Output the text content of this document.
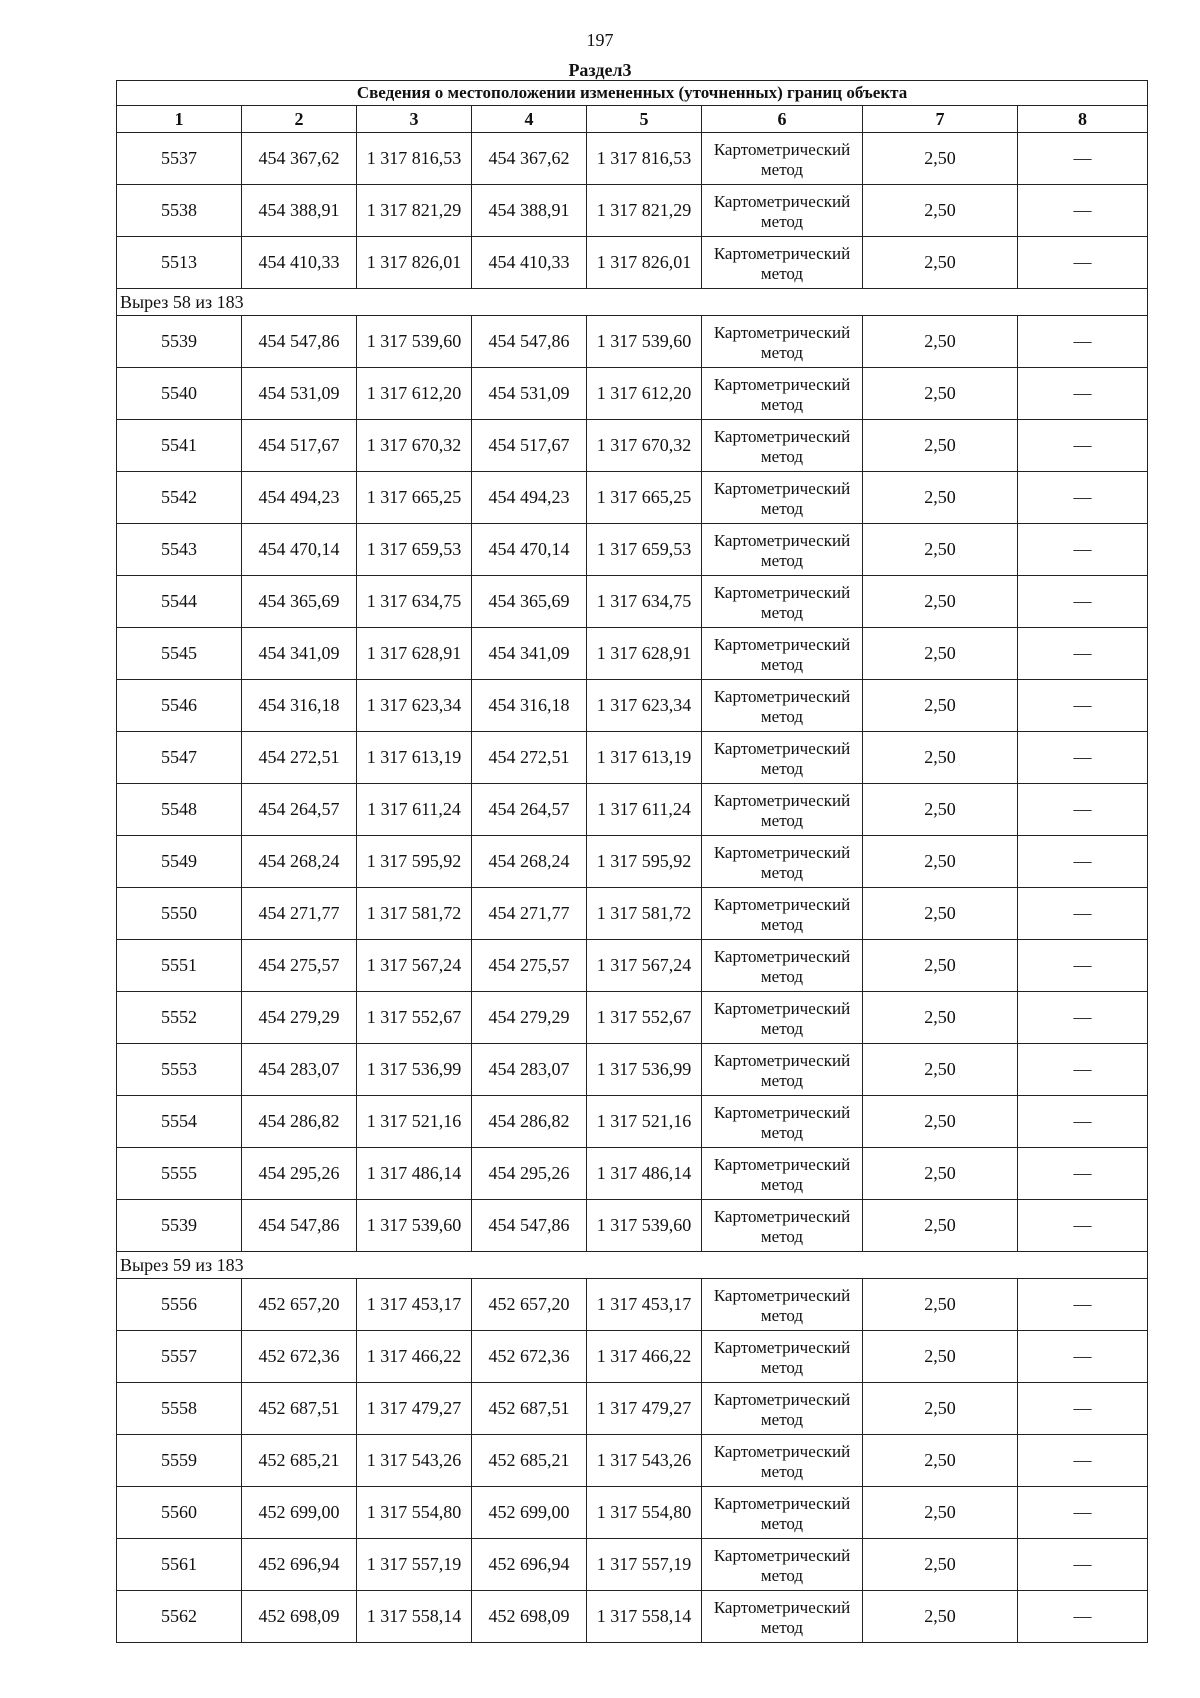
197
Раздел3
Сведения о местоположении измененных (уточненных) границ объекта							
1	2	3	4	5	6	7	8
5537	454 367,62	1 317 816,53	454 367,62	1 317 816,53	Картометрический метод	2,50	—
5538	454 388,91	1 317 821,29	454 388,91	1 317 821,29	Картометрический метод	2,50	—
5513	454 410,33	1 317 826,01	454 410,33	1 317 826,01	Картометрический метод	2,50	—
Вырез 58 из 183							
5539	454 547,86	1 317 539,60	454 547,86	1 317 539,60	Картометрический метод	2,50	—
5540	454 531,09	1 317 612,20	454 531,09	1 317 612,20	Картометрический метод	2,50	—
5541	454 517,67	1 317 670,32	454 517,67	1 317 670,32	Картометрический метод	2,50	—
5542	454 494,23	1 317 665,25	454 494,23	1 317 665,25	Картометрический метод	2,50	—
5543	454 470,14	1 317 659,53	454 470,14	1 317 659,53	Картометрический метод	2,50	—
5544	454 365,69	1 317 634,75	454 365,69	1 317 634,75	Картометрический метод	2,50	—
5545	454 341,09	1 317 628,91	454 341,09	1 317 628,91	Картометрический метод	2,50	—
5546	454 316,18	1 317 623,34	454 316,18	1 317 623,34	Картометрический метод	2,50	—
5547	454 272,51	1 317 613,19	454 272,51	1 317 613,19	Картометрический метод	2,50	—
5548	454 264,57	1 317 611,24	454 264,57	1 317 611,24	Картометрический метод	2,50	—
5549	454 268,24	1 317 595,92	454 268,24	1 317 595,92	Картометрический метод	2,50	—
5550	454 271,77	1 317 581,72	454 271,77	1 317 581,72	Картометрический метод	2,50	—
5551	454 275,57	1 317 567,24	454 275,57	1 317 567,24	Картометрический метод	2,50	—
5552	454 279,29	1 317 552,67	454 279,29	1 317 552,67	Картометрический метод	2,50	—
5553	454 283,07	1 317 536,99	454 283,07	1 317 536,99	Картометрический метод	2,50	—
5554	454 286,82	1 317 521,16	454 286,82	1 317 521,16	Картометрический метод	2,50	—
5555	454 295,26	1 317 486,14	454 295,26	1 317 486,14	Картометрический метод	2,50	—
5539	454 547,86	1 317 539,60	454 547,86	1 317 539,60	Картометрический метод	2,50	—
Вырез 59 из 183							
5556	452 657,20	1 317 453,17	452 657,20	1 317 453,17	Картометрический метод	2,50	—
5557	452 672,36	1 317 466,22	452 672,36	1 317 466,22	Картометрический метод	2,50	—
5558	452 687,51	1 317 479,27	452 687,51	1 317 479,27	Картометрический метод	2,50	—
5559	452 685,21	1 317 543,26	452 685,21	1 317 543,26	Картометрический метод	2,50	—
5560	452 699,00	1 317 554,80	452 699,00	1 317 554,80	Картометрический метод	2,50	—
5561	452 696,94	1 317 557,19	452 696,94	1 317 557,19	Картометрический метод	2,50	—
5562	452 698,09	1 317 558,14	452 698,09	1 317 558,14	Картометрический метод	2,50	—
